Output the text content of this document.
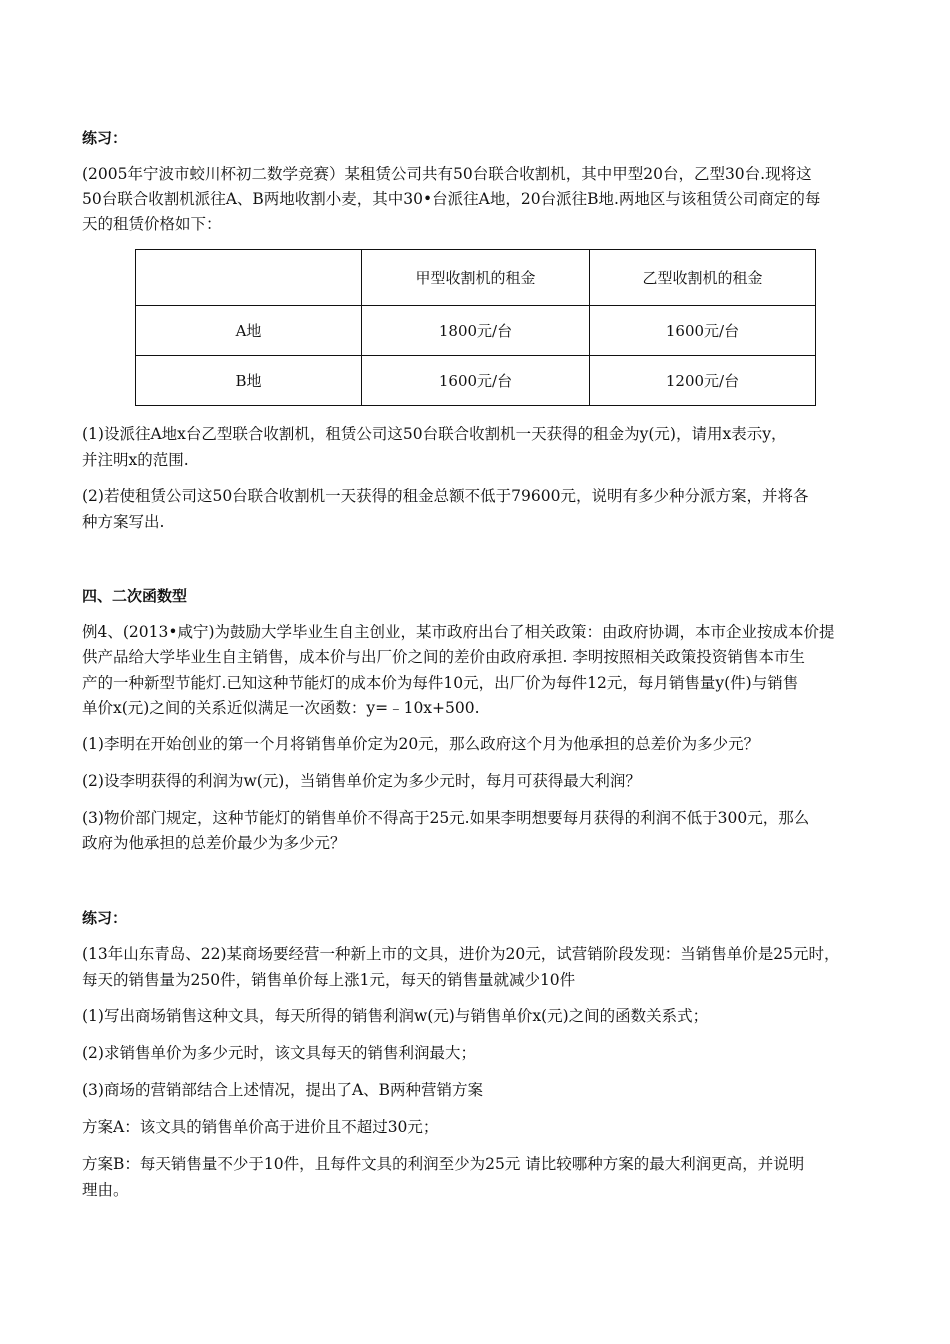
练习：
(2005年宁波市蛟川杯初二数学竞赛）某租赁公司共有50台联合收割机，其中甲型20台，乙型30台.现将这
50台联合收割机派往A、B两地收割小麦，其中30•台派往A地，20台派往B地.两地区与该租赁公司商定的每
天的租赁价格如下：
	甲型收割机的租金	乙型收割机的租金
A地	1800元/台	1600元/台
B地	1600元/台	1200元/台
(1)设派往A地x台乙型联合收割机，租赁公司这50台联合收割机一天获得的租金为y(元)，请用x表示y，
并注明x的范围.
(2)若使租赁公司这50台联合收割机一天获得的租金总额不低于79600元，说明有多少种分派方案，并将各
种方案写出.
四、二次函数型
例4、(2013•咸宁)为鼓励大学毕业生自主创业，某市政府出台了相关政策：由政府协调，本市企业按成本价提
供产品给大学毕业生自主销售，成本价与出厂价之间的差价由政府承担. 李明按照相关政策投资销售本市生
产的一种新型节能灯.已知这种节能灯的成本价为每件10元，出厂价为每件12元，每月销售量y(件)与销售
单价x(元)之间的关系近似满足一次函数：y=﹣10x+500.
(1)李明在开始创业的第一个月将销售单价定为20元，那么政府这个月为他承担的总差价为多少元？
(2)设李明获得的利润为w(元)，当销售单价定为多少元时，每月可获得最大利润？
(3)物价部门规定，这种节能灯的销售单价不得高于25元.如果李明想要每月获得的利润不低于300元，那么
政府为他承担的总差价最少为多少元？
练习：
(13年山东青岛、22)某商场要经营一种新上市的文具，进价为20元，试营销阶段发现：当销售单价是25元时，
每天的销售量为250件，销售单价每上涨1元，每天的销售量就减少10件
(1)写出商场销售这种文具，每天所得的销售利润w(元)与销售单价x(元)之间的函数关系式；
(2)求销售单价为多少元时，该文具每天的销售利润最大；
(3)商场的营销部结合上述情况，提出了A、B两种营销方案
方案A：该文具的销售单价高于进价且不超过30元；
方案B：每天销售量不少于10件，且每件文具的利润至少为25元 请比较哪种方案的最大利润更高，并说明
理由。
